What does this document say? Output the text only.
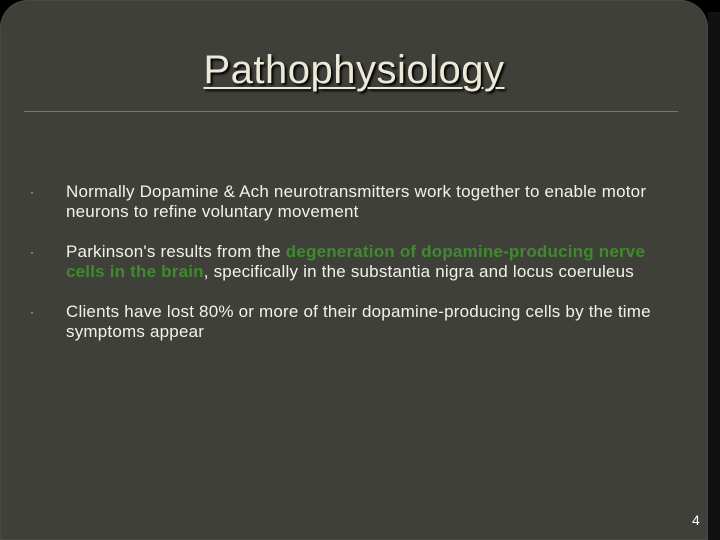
Pathophysiology
· Normally Dopamine & Ach neurotransmitters work together to enable motor neurons to refine voluntary movement
· Parkinson's results from the degeneration of dopamine-producing nerve cells in the brain, specifically in the substantia nigra and locus coeruleus
· Clients have lost 80% or more of their dopamine-producing cells by the time symptoms appear
4
